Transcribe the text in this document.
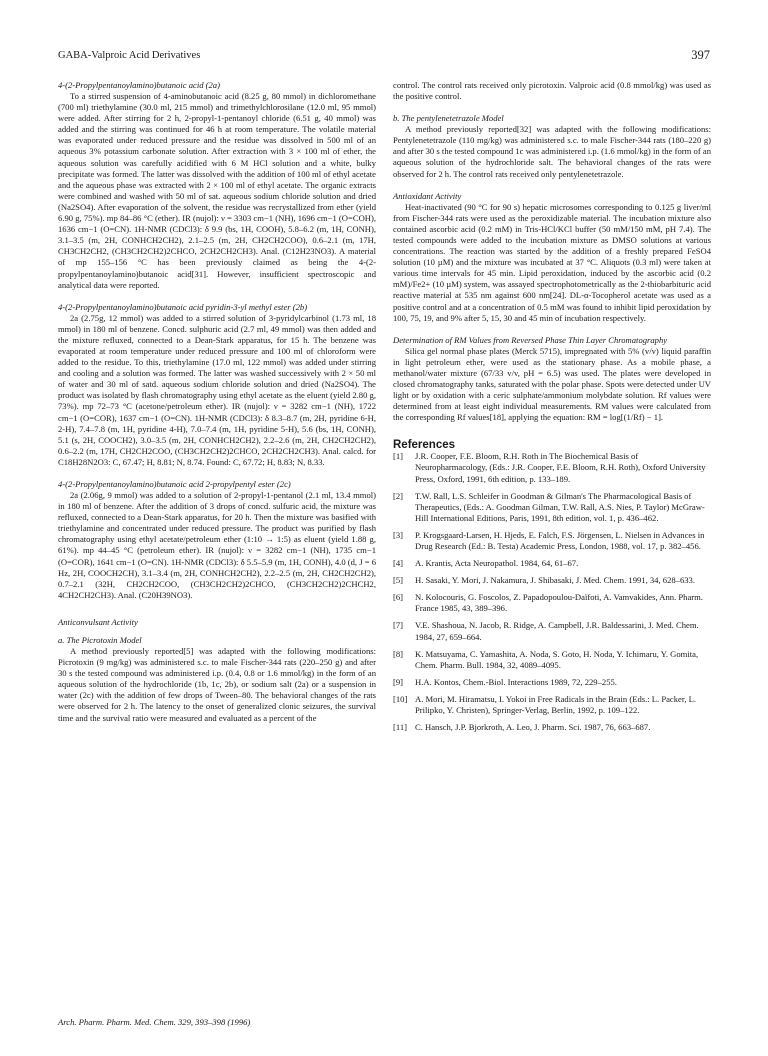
GABA-Valproic Acid Derivatives	397

4-(2-Propylpentanoylamino)butanoic acid (2a)

To a stirred suspension of 4-aminobutanoic acid (8.25 g, 80 mmol) in dichloromethane (700 ml) triethylamine (30.0 ml, 215 mmol) and trimethylchlorosilane (12.0 ml, 95 mmol) were added. After stirring for 2 h, 2-propyl-1-pentanoyl chloride (6.51 g, 40 mmol) was added and the stirring was continued for 46 h at room temperature. The volatile material was evaporated under reduced pressure and the residue was dissolved in 500 ml of an aqueous 3% potassium carbonate solution. After extraction with 3 × 100 ml of ether, the aqueous solution was carefully acidified with 6 M HCl solution and a white, bulky precipitate was formed. The latter was dissolved with the addition of 100 ml of ethyl acetate and the aqueous phase was extracted with 2 × 100 ml of ethyl acetate. The organic extracts were combined and washed with 50 ml of sat. aqueous sodium chloride solution and dried (Na2SO4). After evaporation of the solvent, the residue was recrystallized from ether (yield 6.90 g, 75%). mp 84–86 °C (ether). IR (nujol): ν = 3303 cm−1 (NH), 1696 cm−1 (O=COH), 1636 cm−1 (O=CN). 1H-NMR (CDCl3): δ 9.9 (bs, 1H, COOH), 5.8–6.2 (m, 1H, CONH), 3.1–3.5 (m, 2H, CONHCH2CH2), 2.1–2.5 (m, 2H, CH2CH2COO), 0.6–2.1 (m, 17H, CH3CH2CH2, (CH3CH2CH2)2CHCO, 2CH2CH2CH3). Anal. (C12H23NO3). A material of mp 155–156 °C has been previously claimed as being the 4-(2-propylpentanoylamino)butanoic acid[31]. However, insufficient spectroscopic and analytical data were reported.

4-(2-Propylpentanoylamino)butanoic acid pyridin-3-yl methyl ester (2b)

2a (2.75g, 12 mmol) was added to a stirred solution of 3-pyridylcarbinol (1.73 ml, 18 mmol) in 180 ml of benzene. Concd. sulphuric acid (2.7 ml, 49 mmol) was then added and the mixture refluxed, connected to a Dean-Stark apparatus, for 15 h. The benzene was evaporated at room temperature under reduced pressure and 100 ml of chloroform were added to the residue. To this, triethylamine (17.0 ml, 122 mmol) was added under stirring and cooling and a solution was formed. The latter was washed successively with 2 × 50 ml of water and 30 ml of satd. aqueous sodium chloride solution and dried (Na2SO4). The product was isolated by flash chromatography using ethyl acetate as the eluent (yield 2.80 g, 73%). mp 72–73 °C (acetone/petroleum ether). IR (nujol): ν = 3282 cm−1 (NH), 1722 cm−1 (O=COR), 1637 cm−1 (O=CN). 1H-NMR (CDCl3): δ 8.3–8.7 (m, 2H, pyridine 6-H, 2-H), 7.4–7.8 (m, 1H, pyridine 4-H), 7.0–7.4 (m, 1H, pyridine 5-H), 5.6 (bs, 1H, CONH), 5.1 (s, 2H, COOCH2), 3.0–3.5 (m, 2H, CONHCH2CH2), 2.2–2.6 (m, 2H, CH2CH2CH2), 0.6–2.2 (m, 17H, CH2CH2COO, (CH3CH2CH2)2CHCO, 2CH2CH2CH3). Anal. calcd. for C18H28N2O3: C, 67.47; H, 8.81; N, 8.74. Found: C, 67.72; H, 8.83; N, 8.33.

4-(2-Propylpentanoylamino)butanoic acid 2-propylpentyl ester (2c)

2a (2.06g, 9 mmol) was added to a solution of 2-propyl-1-pentanol (2.1 ml, 13.4 mmol) in 180 ml of benzene. After the addition of 3 drops of concd. sulfuric acid, the mixture was refluxed, connected to a Dean-Stark apparatus, for 20 h. Then the mixture was basified with triethylamine and concentrated under reduced pressure. The product was purified by flash chromatography using ethyl acetate/petroleum ether (1:10 → 1:5) as eluent (yield 1.88 g, 61%). mp 44–45 °C (petroleum ether). IR (nujol): ν = 3282 cm−1 (NH), 1735 cm−1 (O=COR), 1641 cm−1 (O=CN). 1H-NMR (CDCl3): δ 5.5–5.9 (m, 1H, CONH), 4.0 (d, J = 6 Hz, 2H, COOCH2CH), 3.1–3.4 (m, 2H, CONHCH2CH2), 2.2–2.5 (m, 2H, CH2CH2CH2), 0.7–2.1 (32H, CH2CH2COO, (CH3CH2CH2)2CHCO, (CH3CH2CH2)2CHCH2, 4CH2CH2CH3). Anal. (C20H39NO3).

Anticonvulsant Activity

a. The Picrotoxin Model

A method previously reported[5] was adapted with the following modifications: Picrotoxin (9 mg/kg) was administered s.c. to male Fischer-344 rats (220–250 g) and after 30 s the tested compound was administered i.p. (0.4, 0.8 or 1.6 mmol/kg) in the form of an aqueous solution of the hydrochloride (1b, 1c, 2b), or sodium salt (2a) or a suspension in water (2c) with the addition of few drops of Tween–80. The behavioral changes of the rats were observed for 2 h. The latency to the onset of generalized clonic seizures, the survival time and the survival ratio were measured and evaluated as a percent of the

control. The control rats received only picrotoxin. Valproic acid (0.8 mmol/kg) was used as the positive control.

b. The pentylenetetrazole Model

A method previously reported[32] was adapted with the following modifications: Pentylenetetrazole (110 mg/kg) was administered s.c. to male Fischer-344 rats (180–220 g) and after 30 s the tested compound 1c was administered i.p. (1.6 mmol/kg) in the form of an aqueous solution of the hydrochloride salt. The behavioral changes of the rats were observed for 2 h. The control rats received only pentylenetetrazole.

Antioxidant Activity

Heat-inactivated (90 °C for 90 s) hepatic microsomes corresponding to 0.125 g liver/ml from Fischer-344 rats were used as the peroxidizable material. The incubation mixture also contained ascorbic acid (0.2 mM) in Tris-HCl/KCl buffer (50 mM/150 mM, pH 7.4). The tested compounds were added to the incubation mixture as DMSO solutions at various concentrations. The reaction was started by the addition of a freshly prepared FeSO4 solution (10 µM) and the mixture was incubated at 37 °C. Aliquots (0.3 ml) were taken at various time intervals for 45 min. Lipid peroxidation, induced by the ascorbic acid (0.2 mM)/Fe2+ (10 µM) system, was assayed spectrophotometrically as the 2-thiobarbituric acid reactive material at 535 nm against 600 nm[24]. DL-α-Tocopherol acetate was used as a positive control and at a concentration of 0.5 mM was found to inhibit lipid peroxidation by 100, 75, 19, and 9% after 5, 15, 30 and 45 min of incubation respectively.

Determination of RM Values from Reversed Phase Thin Layer Chromatography

Silica gel normal phase plates (Merck 5715), impregnated with 5% (v/v) liquid paraffin in light petroleum ether, were used as the stationary phase. As a mobile phase, a methanol/water mixture (67/33 v/v, pH = 6.5) was used. The plates were developed in closed chromatography tanks, saturated with the polar phase. Spots were detected under UV light or by oxidation with a ceric sulphate/ammonium molybdate solution. Rf values were determined from at least eight individual measurements. RM values were calculated from the corresponding Rf values[18], applying the equation: RM = log[(1/Rf) − 1].

References

[1]	J.R. Cooper, F.E. Bloom, R.H. Roth in The Biochemical Basis of Neuropharmacology, (Eds.: J.R. Cooper, F.E. Bloom, R.H. Roth), Oxford University Press, Oxford, 1991, 6th edition, p. 133–189.
[2]	T.W. Rall, L.S. Schleifer in Goodman & Gilman's The Pharmacological Basis of Therapeutics, (Eds.: A. Goodman Gilman, T.W. Rall, A.S. Nies, P. Taylor) McGraw-Hill International Editions, Paris, 1991, 8th edition, vol. 1, p. 436–462.
[3]	P. Krogsgaard-Larsen, H. Hjeds, E. Falch, F.S. Jörgensen, L. Nielsen in Advances in Drug Research (Ed.: B. Testa) Academic Press, London, 1988, vol. 17, p. 382–456.
[4]	A. Krantis, Acta Neuropathol. 1984, 64, 61–67.
[5]	H. Sasaki, Y. Mori, J. Nakamura, J. Shibasaki, J. Med. Chem. 1991, 34, 628–633.
[6]	N. Kolocouris, G. Foscolos, Z. Papadopoulou-Daïfoti, A. Vamvakides, Ann. Pharm. France 1985, 43, 389–396.
[7]	V.E. Shashoua, N. Jacob, R. Ridge, A. Campbell, J.R. Baldessarini, J. Med. Chem. 1984, 27, 659–664.
[8]	K. Matsuyama, C. Yamashita, A. Noda, S. Goto, H. Noda, Y. Ichimaru, Y. Gomita, Chem. Pharm. Bull. 1984, 32, 4089–4095.
[9]	H.A. Kontos, Chem.-Biol. Interactions 1989, 72, 229–255.
[10] A. Mori, M. Hiramatsu, I. Yokoi in Free Radicals in the Brain (Eds.: L. Packer, L. Prilipko, Y. Christen), Springer-Verlag, Berlin, 1992, p. 109–122.
[11] C. Hansch, J.P. Bjorkroth, A. Leo, J. Pharm. Sci. 1987, 76, 663–687.
Arch. Pharm. Pharm. Med. Chem. 329, 393–398 (1996)
